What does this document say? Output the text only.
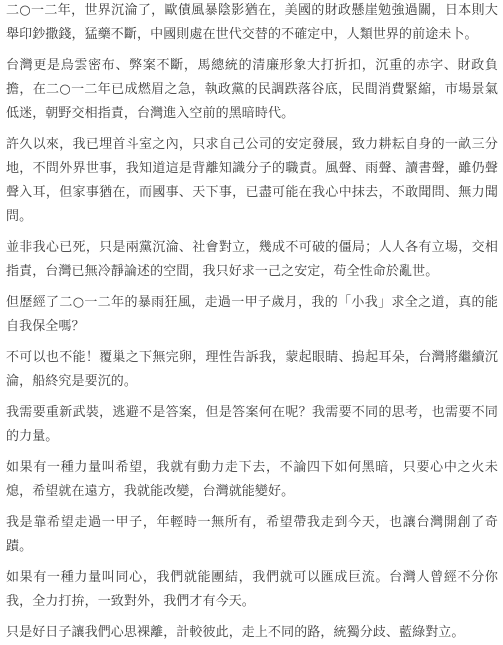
二○一二年，世界沉淪了，歐債風暴陰影猶在，美國的財政懸崖勉強過關，日本則大舉印鈔撒錢，猛藥不斷，中國則處在世代交替的不確定中，人類世界的前途未卜。

台灣更是烏雲密布、弊案不斷，馬總統的清廉形象大打折扣，沉重的赤字、財政負擔，在二○一二年已成燃眉之急，執政黨的民調跌落谷底，民間消費緊縮，市場景氣低迷，朝野交相指責，台灣進入空前的黑暗時代。

許久以來，我已埋首斗室之內，只求自己公司的安定發展，致力耕耘自身的一畝三分地，不問外界世事，我知道這是背離知識分子的職責。風聲、雨聲、讀書聲，雖仍聲聲入耳，但家事猶在，而國事、天下事，已盡可能在我心中抹去，不敢聞問、無力聞問。

並非我心已死，只是兩黨沉淪、社會對立，幾成不可破的僵局；人人各有立場，交相指責，台灣已無冷靜論述的空間，我只好求一己之安定，苟全性命於亂世。

但歷經了二○一二年的暴雨狂風，走過一甲子歲月，我的「小我」求全之道，真的能自我保全嗎？

不可以也不能！覆巢之下無完卵，理性告訴我，蒙起眼睛、摀起耳朵，台灣將繼續沉淪，船終究是要沉的。

我需要重新武裝，逃避不是答案，但是答案何在呢？我需要不同的思考，也需要不同的力量。

如果有一種力量叫希望，我就有動力走下去，不論四下如何黑暗，只要心中之火未熄，希望就在遠方，我就能改變，台灣就能變好。

我是靠希望走過一甲子，年輕時一無所有，希望帶我走到今天，也讓台灣開創了奇蹟。

如果有一種力量叫同心，我們就能團結，我們就可以匯成巨流。台灣人曾經不分你我，全力打拚，一致對外，我們才有今天。

只是好日子讓我們心思裸離，計較彼此，走上不同的路，統獨分歧、藍綠對立。
